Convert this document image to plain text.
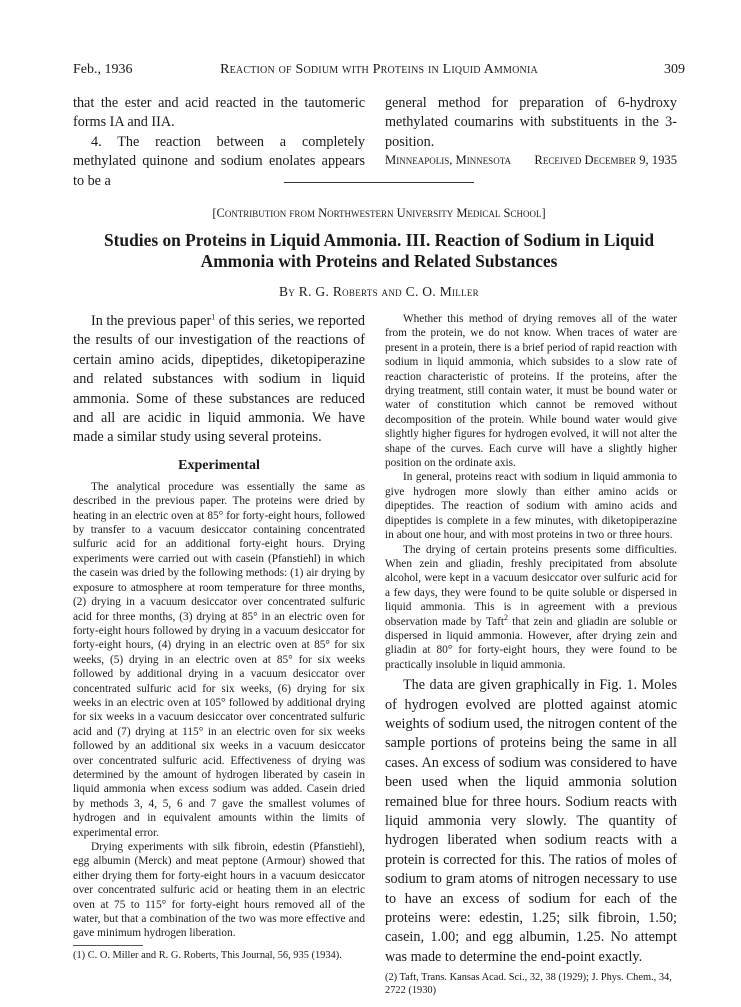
Feb., 1936	Reaction of Sodium with Proteins in Liquid Ammonia	309

that the ester and acid reacted in the tautomeric forms IA and IIA.

4. The reaction between a completely methylated quinone and sodium enolates appears to be a

general method for preparation of 6-hydroxy methylated coumarins with substituents in the 3-position.

Minneapolis, Minnesota Received December 9, 1935
[Contribution from Northwestern University Medical School]
Studies on Proteins in Liquid Ammonia. III. Reaction of Sodium in Liquid Ammonia with Proteins and Related Substances
By R. G. Roberts and C. O. Miller

In the previous paper$^1$ of this series, we reported the results of our investigation of the reactions of certain amino acids, dipeptides, diketopiperazine and related substances with sodium in liquid ammonia. Some of these substances are reduced and all are acidic in liquid ammonia. We have made a similar study using several proteins.

Experimental

The analytical procedure was essentially the same as described in the previous paper. The proteins were dried by heating in an electric oven at 85° for forty-eight hours, followed by transfer to a vacuum desiccator containing concentrated sulfuric acid for an additional forty-eight hours. Drying experiments were carried out with casein (Pfanstiehl) in which the casein was dried by the following methods: (1) air drying by exposure to atmosphere at room temperature for three months, (2) drying in a vacuum desiccator over concentrated sulfuric acid for three months, (3) drying at 85° in an electric oven for forty-eight hours followed by drying in a vacuum desiccator for forty-eight hours, (4) drying in an electric oven at 85° for six weeks, (5) drying in an electric oven at 85° for six weeks followed by additional drying in a vacuum desiccator over concentrated sulfuric acid for six weeks, (6) drying for six weeks in an electric oven at 105° followed by additional drying for six weeks in a vacuum desiccator over concentrated sulfuric acid and (7) drying at 115° in an electric oven for six weeks followed by an additional six weeks in a vacuum desiccator over concentrated sulfuric acid. Effectiveness of drying was determined by the amount of hydrogen liberated by casein in liquid ammonia when excess sodium was added. Casein dried by methods 3, 4, 5, 6 and 7 gave the smallest volumes of hydrogen and in equivalent amounts within the limits of experimental error.

Drying experiments with silk fibroin, edestin (Pfanstiehl), egg albumin (Merck) and meat peptone (Armour) showed that either drying them for forty-eight hours in a vacuum desiccator over concentrated sulfuric acid or heating them in an electric oven at 75 to 115° for forty-eight hours removed all of the water, but that a combination of the two was more effective and gave minimum hydrogen liberation.

(1) C. O. Miller and R. G. Roberts, This Journal, 56, 935 (1934).

Whether this method of drying removes all of the water from the protein, we do not know. When traces of water are present in a protein, there is a brief period of rapid reaction with sodium in liquid ammonia, which subsides to a slow rate of reaction characteristic of proteins. If the proteins, after the drying treatment, still contain water, it must be bound water or water of constitution which cannot be removed without decomposition of the protein. While bound water would give slightly higher figures for hydrogen evolved, it will not alter the shape of the curves. Each curve will have a slightly higher position on the ordinate axis.

In general, proteins react with sodium in liquid ammonia to give hydrogen more slowly than either amino acids or dipeptides. The reaction of sodium with amino acids and dipeptides is complete in a few minutes, with diketopiperazine in about one hour, and with most proteins in two or three hours.

The drying of certain proteins presents some difficulties. When zein and gliadin, freshly precipitated from absolute alcohol, were kept in a vacuum desiccator over sulfuric acid for a few days, they were found to be quite soluble or dispersed in liquid ammonia. This is in agreement with a previous observation made by Taft$^2$ that zein and gliadin are soluble or dispersed in liquid ammonia. However, after drying zein and gliadin at 80° for forty-eight hours, they were found to be practically insoluble in liquid ammonia.

The data are given graphically in Fig. 1. Moles of hydrogen evolved are plotted against atomic weights of sodium used, the nitrogen content of the sample portions of proteins being the same in all cases. An excess of sodium was considered to have been used when the liquid ammonia solution remained blue for three hours. Sodium reacts with liquid ammonia very slowly. The quantity of hydrogen liberated when sodium reacts with a protein is corrected for this. The ratios of moles of sodium to gram atoms of nitrogen necessary to use to have an excess of sodium for each of the proteins were: edestin, 1.25; silk fibroin, 1.50; casein, 1.00; and egg albumin, 1.25. No attempt was made to determine the end-point exactly.

(2) Taft, Trans. Kansas Acad. Sci., 32, 38 (1929); J. Phys. Chem., 34, 2722 (1930)
